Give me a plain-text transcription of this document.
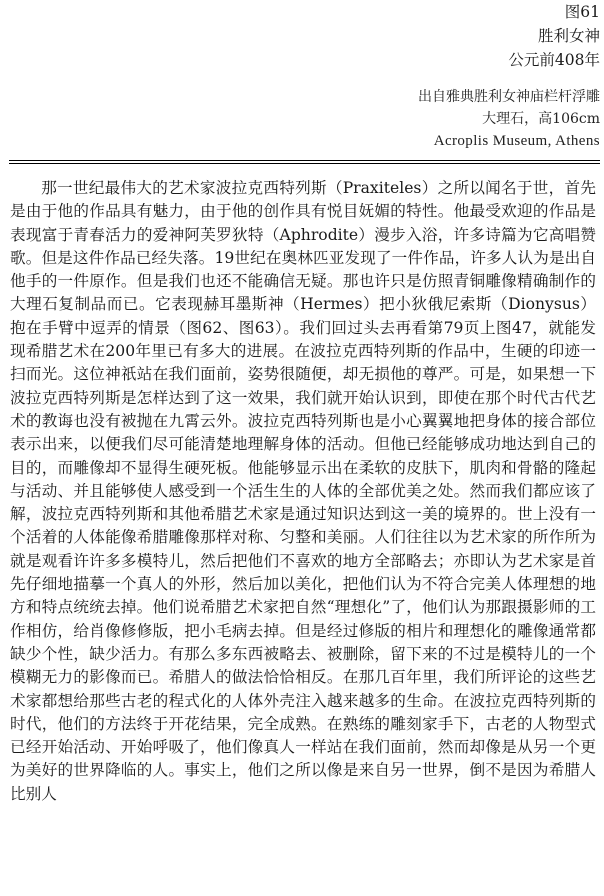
图61
胜利女神
公元前408年
出自雅典胜利女神庙栏杆浮雕
大理石，高106cm
Acroplis Museum, Athens

那一世纪最伟大的艺术家波拉克西特列斯（Praxiteles）之所以闻名于世，首先是由于他的作品具有魅力，由于他的创作具有悦目妩媚的特性。他最受欢迎的作品是表现富于青春活力的爱神阿芙罗狄特（Aphrodite）漫步入浴，许多诗篇为它高唱赞歌。但是这件作品已经失落。19世纪在奥林匹亚发现了一件作品，许多人认为是出自他手的一件原作。但是我们也还不能确信无疑。那也许只是仿照青铜雕像精确制作的大理石复制品而已。它表现赫耳墨斯神（Hermes）把小狄俄尼索斯（Dionysus）抱在手臂中逗弄的情景（图62、图63）。我们回过头去再看第79页上图47，就能发现希腊艺术在200年里已有多大的进展。在波拉克西特列斯的作品中，生硬的印迹一扫而光。这位神祇站在我们面前，姿势很随便，却无损他的尊严。可是，如果想一下波拉克西特列斯是怎样达到了这一效果，我们就开始认识到，即使在那个时代古代艺术的教诲也没有被抛在九霄云外。波拉克西特列斯也是小心翼翼地把身体的接合部位表示出来，以便我们尽可能清楚地理解身体的活动。但他已经能够成功地达到自己的目的，而雕像却不显得生硬死板。他能够显示出在柔软的皮肤下，肌肉和骨骼的隆起与活动、并且能够使人感受到一个活生生的人体的全部优美之处。然而我们都应该了解，波拉克西特列斯和其他希腊艺术家是通过知识达到这一美的境界的。世上没有一个活着的人体能像希腊雕像那样对称、匀整和美丽。人们往往以为艺术家的所作所为就是观看许许多多模特儿，然后把他们不喜欢的地方全部略去；亦即认为艺术家是首先仔细地描摹一个真人的外形，然后加以美化，把他们认为不符合完美人体理想的地方和特点统统去掉。他们说希腊艺术家把自然“理想化”了，他们认为那跟摄影师的工作相仿，给肖像修修版，把小毛病去掉。但是经过修版的相片和理想化的雕像通常都缺少个性，缺少活力。有那么多东西被略去、被删除，留下来的不过是模特儿的一个模糊无力的影像而已。希腊人的做法恰恰相反。在那几百年里，我们所评论的这些艺术家都想给那些古老的程式化的人体外壳注入越来越多的生命。在波拉克西特列斯的时代，他们的方法终于开花结果，完全成熟。在熟练的雕刻家手下，古老的人物型式已经开始活动、开始呼吸了，他们像真人一样站在我们面前，然而却像是从另一个更为美好的世界降临的人。事实上，他们之所以像是来自另一世界，倒不是因为希腊人比别人
